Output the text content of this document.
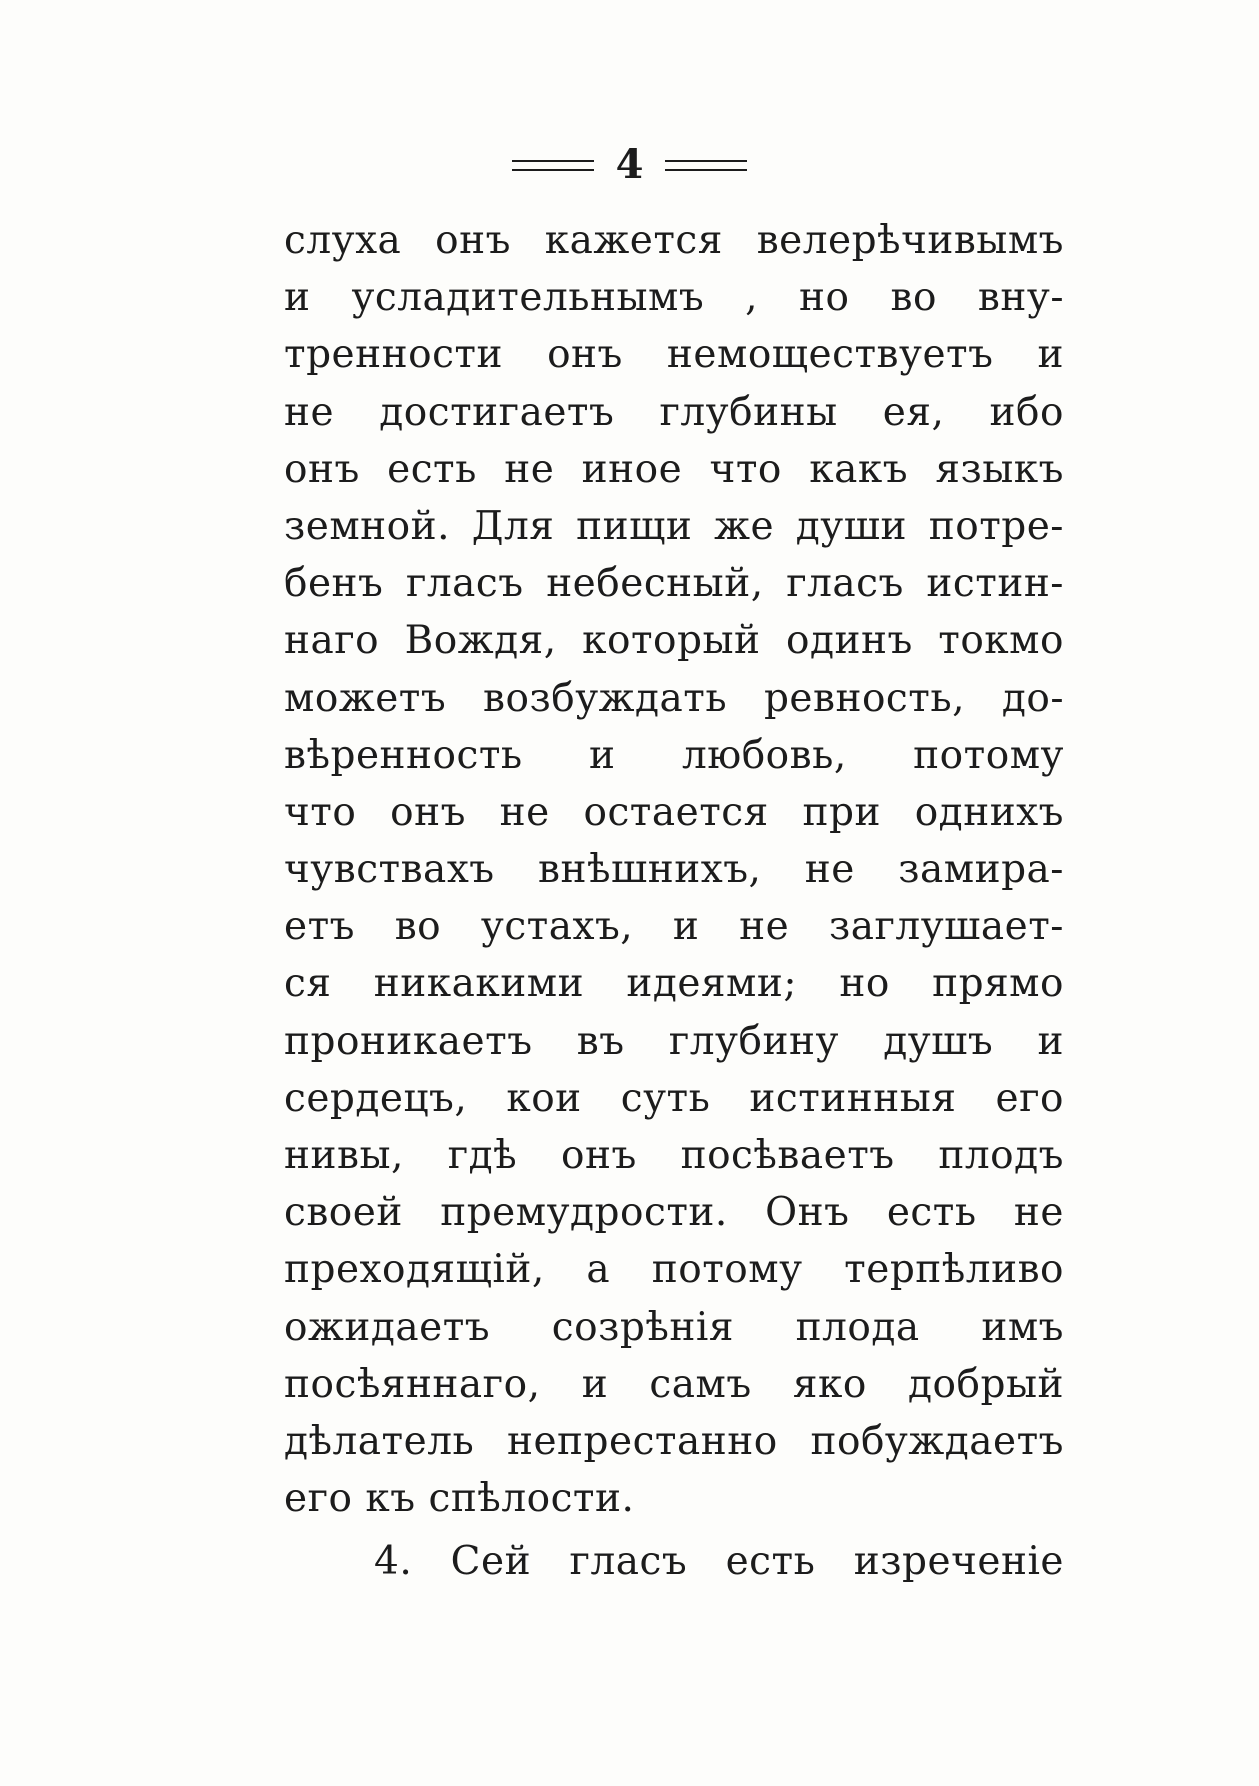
4
слуха онъ кажется велерѣчивымъ
и усладительнымъ , но во вну-
тренности онъ немоществуетъ и
не достигаетъ глубины ея, ибо
онъ есть не иное что какъ языкъ
земной. Для пищи же души потре-
бенъ гласъ небесный, гласъ истин-
наго Вождя, который одинъ токмо
можетъ возбуждать ревность, до-
вѣренность и любовь, потому
что онъ не остается при однихъ
чувствахъ внѣшнихъ, не замира-
етъ во устахъ, и не заглушает-
ся никакими идеями; но прямо
проникаетъ въ глубину душъ и
сердецъ, кои суть истинныя его
нивы, гдѣ онъ посѣваетъ плодъ
своей премудрости. Онъ есть не
преходящій, а потому терпѣливо
ожидаетъ созрѣнія плода имъ
посѣяннаго, и самъ яко добрый
дѣлатель непрестанно побуждаетъ
его къ спѣлости.
4. Сей гласъ есть изреченіе
